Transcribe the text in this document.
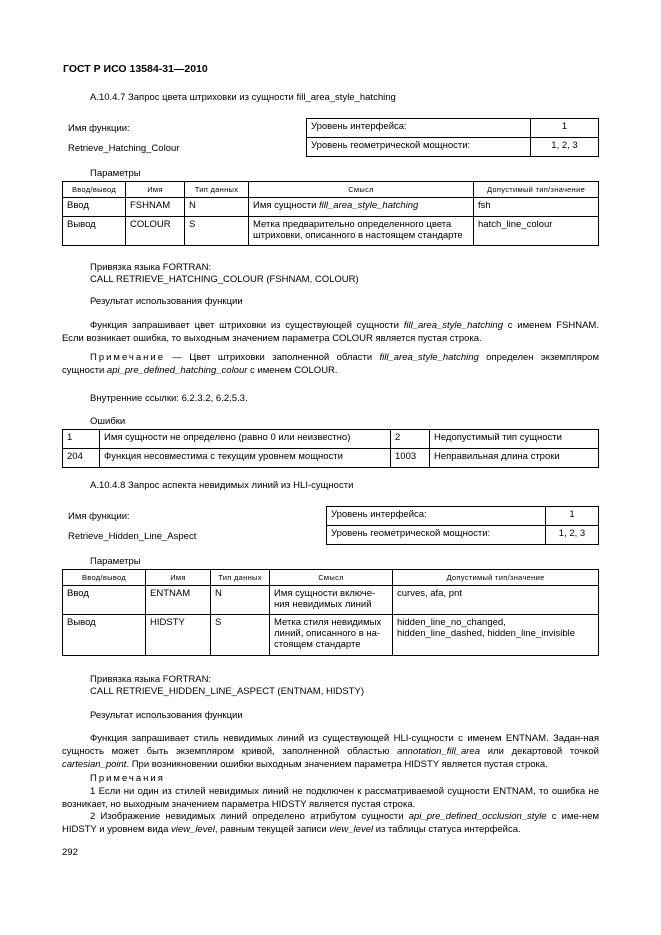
ГОСТ Р ИСО 13584-31—2010
А.10.4.7 Запрос цвета штриховки из сущности fill_area_style_hatching
Имя функции:
Retrieve_Hatching_Colour
Уровень интерфейса:	1
Уровень геометрической мощности:	1, 2, 3
Параметры
Ввод/вывод	Имя	Тип данных	Смысл	Допустимый тип/значение
Ввод	FSHNAM	N	Имя сущности fill_area_style_hatching	fsh
Вывод	COLOUR	S	Метка предварительно определенного цвета штриховки, описанного в настоящем стандарте	hatch_line_colour
Привязка языка FORTRAN:
CALL RETRIEVE_HATCHING_COLOUR (FSHNAM, COLOUR)
Результат использования функции

Функция запрашивает цвет штриховки из существующей сущности fill_area_style_hatching с именем FSHNAM. Если возникает ошибка, то выходным значением параметра COLOUR является пустая строка.

Примечание — Цвет штриховки заполненной области fill_area_style_hatching определен экземпляром сущности api_pre_defined_hatching_colour с именем COLOUR.

Внутренние ссылки: 6.2.3.2, 6.2.5.3.
Ошибки
1	Имя сущности не определено (равно 0 или неизвестно)	2	Недопустимый тип сущности
204	Функция несовместима с текущим уровнем мощности	1003	Неправильная длина строки
А.10.4.8 Запрос аспекта невидимых линий из HLI-сущности
Имя функции:
Retrieve_Hidden_Line_Aspect
Уровень интерфейса:	1
Уровень геометрической мощности:	1, 2, 3
Параметры
Ввод/вывод	Имя	Тип данных	Смысл	Допустимый тип/значение
Ввод	ENTNAM	N	Имя сущности включе-ния невидимых линий	curves, afa, pnt
Вывод	HIDSTY	S	Метка стиля невидимых линий, описанного в на-стоящем стандарте	hidden_line_no_changed, hidden_line_dashed, hidden_line_invisible
Привязка языка FORTRAN:
CALL RETRIEVE_HIDDEN_LINE_ASPECT (ENTNAM, HIDSTY)
Результат использования функции

Функция запрашивает стиль невидимых линий из существующей HLI-сущности с именем ENTNAM. Задан-ная сущность может быть экземпляром кривой, заполненной областью annotation_fill_area или декартовой точкой cartesian_point. При возникновении ошибки выходным значением параметра HIDSTY является пустая строка.

Примечания

1 Если ни один из стилей невидимых линий не подключен к рассматриваемой сущности ENTNAM, то ошибка не возникает, но выходным значением параметра HIDSTY является пустая строка.

2 Изображение невидимых линий определено атрибутом сущности api_pre_defined_occlusion_style с име-нем HIDSTY и уровнем вида view_level, равным текущей записи view_level из таблицы статуса интерфейса.

292
